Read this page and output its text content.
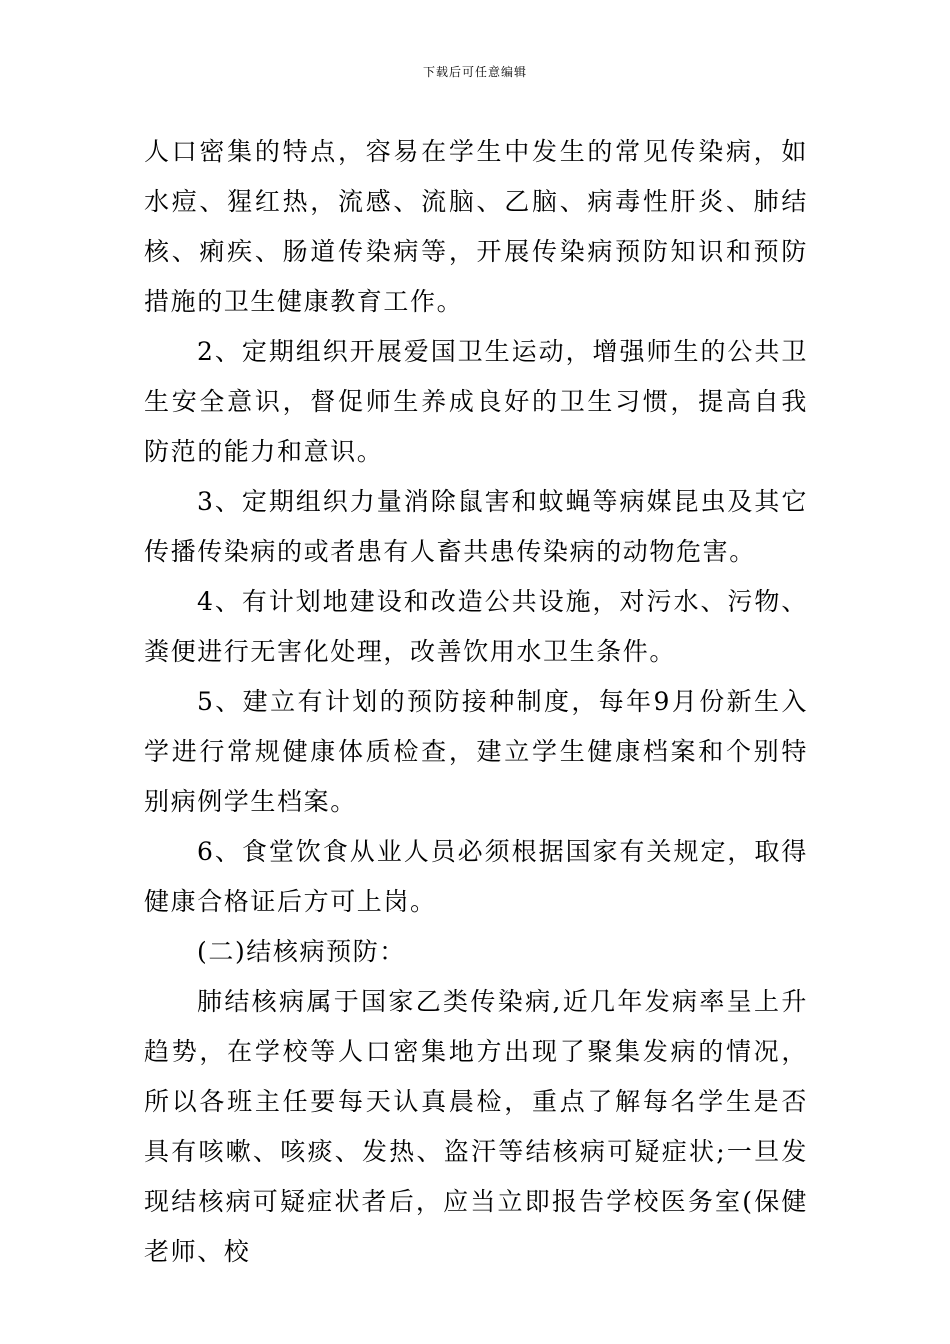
下载后可任意编辑

人口密集的特点，容易在学生中发生的常见传染病，如水痘、猩红热，流感、流脑、乙脑、病毒性肝炎、肺结核、痢疾、肠道传染病等，开展传染病预防知识和预防措施的卫生健康教育工作。

2、定期组织开展爱国卫生运动，增强师生的公共卫生安全意识，督促师生养成良好的卫生习惯，提高自我防范的能力和意识。

3、定期组织力量消除鼠害和蚊蝇等病媒昆虫及其它传播传染病的或者患有人畜共患传染病的动物危害。

4、有计划地建设和改造公共设施，对污水、污物、粪便进行无害化处理，改善饮用水卫生条件。

5、建立有计划的预防接种制度，每年9月份新生入学进行常规健康体质检查，建立学生健康档案和个别特别病例学生档案。

6、食堂饮食从业人员必须根据国家有关规定，取得健康合格证后方可上岗。

(二)结核病预防：

肺结核病属于国家乙类传染病,近几年发病率呈上升趋势，在学校等人口密集地方出现了聚集发病的情况，所以各班主任要每天认真晨检，重点了解每名学生是否具有咳嗽、咳痰、发热、盗汗等结核病可疑症状;一旦发现结核病可疑症状者后，应当立即报告学校医务室(保健老师、校
